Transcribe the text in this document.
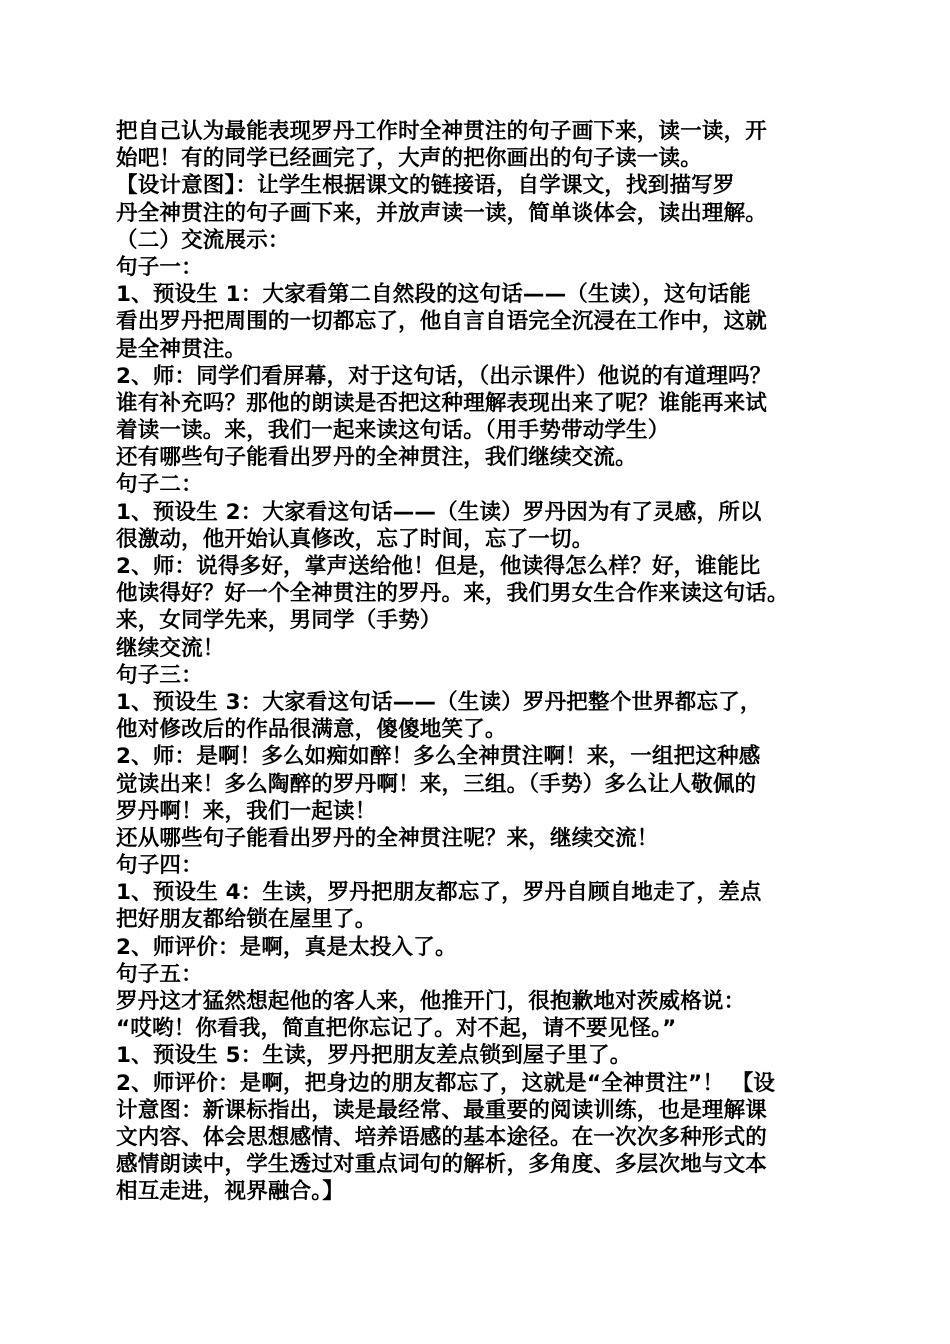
把自己认为最能表现罗丹工作时全神贯注的句子画下来，读一读，开
始吧！有的同学已经画完了，大声的把你画出的句子读一读。
【设计意图】：让学生根据课文的链接语，自学课文，找到描写罗
丹全神贯注的句子画下来，并放声读一读，简单谈体会，读出理解。
（二）交流展示：
句子一：
1、预设生 1：大家看第二自然段的这句话——（生读），这句话能
看出罗丹把周围的一切都忘了，他自言自语完全沉浸在工作中，这就
是全神贯注。
2、师：同学们看屏幕，对于这句话，（出示课件）他说的有道理吗？
谁有补充吗？那他的朗读是否把这种理解表现出来了呢？谁能再来试
着读一读。来，我们一起来读这句话。（用手势带动学生）
还有哪些句子能看出罗丹的全神贯注，我们继续交流。
句子二：
1、预设生 2：大家看这句话——（生读）罗丹因为有了灵感，所以
很激动，他开始认真修改，忘了时间，忘了一切。
2、师：说得多好，掌声送给他！但是，他读得怎么样？好，谁能比
他读得好？好一个全神贯注的罗丹。来，我们男女生合作来读这句话。
来，女同学先来，男同学（手势）
继续交流！
句子三：
1、预设生 3：大家看这句话——（生读）罗丹把整个世界都忘了，
他对修改后的作品很满意，傻傻地笑了。
2、师：是啊！多么如痴如醉！多么全神贯注啊！来，一组把这种感
觉读出来！多么陶醉的罗丹啊！来，三组。（手势）多么让人敬佩的
罗丹啊！来，我们一起读！
还从哪些句子能看出罗丹的全神贯注呢？来，继续交流！
句子四：
1、预设生 4：生读，罗丹把朋友都忘了，罗丹自顾自地走了，差点
把好朋友都给锁在屋里了。
2、师评价：是啊，真是太投入了。
句子五：
罗丹这才猛然想起他的客人来，他推开门，很抱歉地对茨威格说：
“哎哟！你看我，简直把你忘记了。对不起，请不要见怪。”
1、预设生 5：生读，罗丹把朋友差点锁到屋子里了。
2、师评价：是啊，把身边的朋友都忘了，这就是“全神贯注”！ 【设
计意图：新课标指出，读是最经常、最重要的阅读训练，也是理解课
文内容、体会思想感情、培养语感的基本途径。在一次次多种形式的
感情朗读中，学生透过对重点词句的解析，多角度、多层次地与文本
相互走进，视界融合。】
